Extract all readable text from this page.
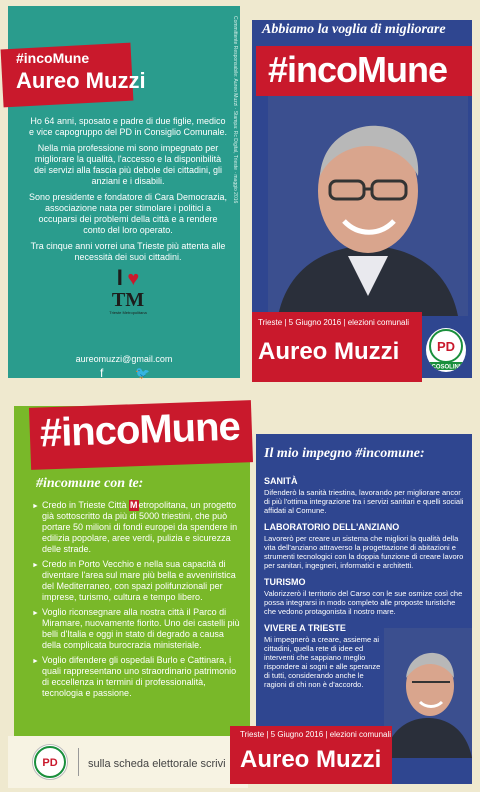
#incoMune
Aureo Muzzi	Committente Responsabile: Aureo Muzzi · Stampa: Rc Digital, Trieste · maggio 2016

Ho 64 anni, sposato e padre di due figlie, medico e vice capogruppo del PD in Consiglio Comunale.

Nella mia professione mi sono impegnato per migliorare la qualità, l'accesso e la disponibilità dei servizi alla fascia più debole dei cittadini, gli anziani e i disabili.

Sono presidente e fondatore di Cara Democrazia, associazione nata per stimolare i politici a occuparsi dei problemi della città e a rendere conto del loro operato.

Tra cinque anni vorrei una Trieste più attenta alle necessità dei suoi cittadini.

I ♥
TM
Trieste Metropolitana
aureomuzzi@gmail.com
f	🐦
Abbiamo la voglia di migliorare
#incoMune
Trieste | 5 Giugno 2016 | elezioni comunali
Aureo Muzzi	PD
COSOLINI
#incoMune
#incomune con te:
► Credo in Trieste Città Metropolitana, un progetto già sottoscritto da più di 5000 triestini, che può portare 50 milioni di fondi europei da spendere in edilizia popolare, aree verdi, pulizia e sicurezza delle strade.
► Credo in Porto Vecchio e nella sua capacità di diventare l'area sul mare più bella e avveniristica del Mediterraneo, con spazi polifunzionali per imprese, turismo, cultura e tempo libero.
► Voglio riconsegnare alla nostra città il Parco di Miramare, nuovamente fiorito. Uno dei castelli più belli d'Italia e oggi in stato di degrado a causa della complicata burocrazia ministeriale.
► Voglio difendere gli ospedali Burlo e Cattinara, i quali rappresentano uno straordinario patrimonio di eccellenza in termini di professionalità, tecnologia e passione.
PD	sulla scheda elettorale scrivi
Il mio impegno #incomune:
SANITÀ

Difenderò la sanità triestina, lavorando per migliorare ancor di più l'ottima integrazione tra i servizi sanitari e quelli sociali affidati al Comune.

LABORATORIO DELL'ANZIANO

Lavorerò per creare un sistema che migliori la qualità della vita dell'anziano attraverso la progettazione di abitazioni e strumenti tecnologici con la doppia funzione di creare lavoro per sanitari, ingegneri, informatici e architetti.

TURISMO

Valorizzerò il territorio del Carso con le sue osmize così che possa integrarsi in modo completo alle proposte turistiche che vedono protagonista il nostro mare.

VIVERE A TRIESTE

Mi impegnerò a creare, assieme ai cittadini, quella rete di idee ed interventi che sappiano meglio rispondere ai sogni e alle speranze di tutti, considerando anche le ragioni di chi non è d'accordo.

Trieste | 5 Giugno 2016 | elezioni comunali
Aureo Muzzi
